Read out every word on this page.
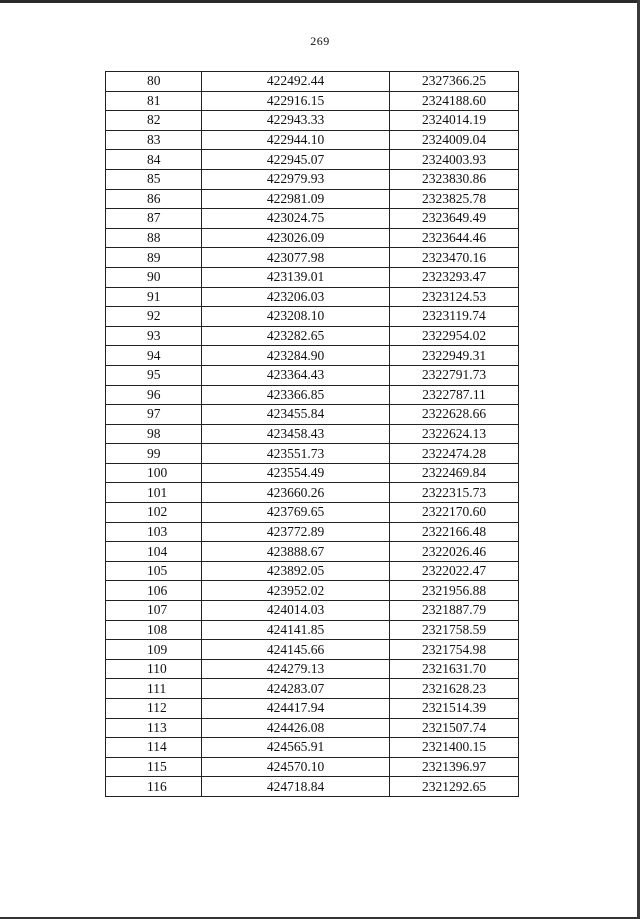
269
80	422492.44	2327366.25
81	422916.15	2324188.60
82	422943.33	2324014.19
83	422944.10	2324009.04
84	422945.07	2324003.93
85	422979.93	2323830.86
86	422981.09	2323825.78
87	423024.75	2323649.49
88	423026.09	2323644.46
89	423077.98	2323470.16
90	423139.01	2323293.47
91	423206.03	2323124.53
92	423208.10	2323119.74
93	423282.65	2322954.02
94	423284.90	2322949.31
95	423364.43	2322791.73
96	423366.85	2322787.11
97	423455.84	2322628.66
98	423458.43	2322624.13
99	423551.73	2322474.28
100	423554.49	2322469.84
101	423660.26	2322315.73
102	423769.65	2322170.60
103	423772.89	2322166.48
104	423888.67	2322026.46
105	423892.05	2322022.47
106	423952.02	2321956.88
107	424014.03	2321887.79
108	424141.85	2321758.59
109	424145.66	2321754.98
110	424279.13	2321631.70
111	424283.07	2321628.23
112	424417.94	2321514.39
113	424426.08	2321507.74
114	424565.91	2321400.15
115	424570.10	2321396.97
116	424718.84	2321292.65
